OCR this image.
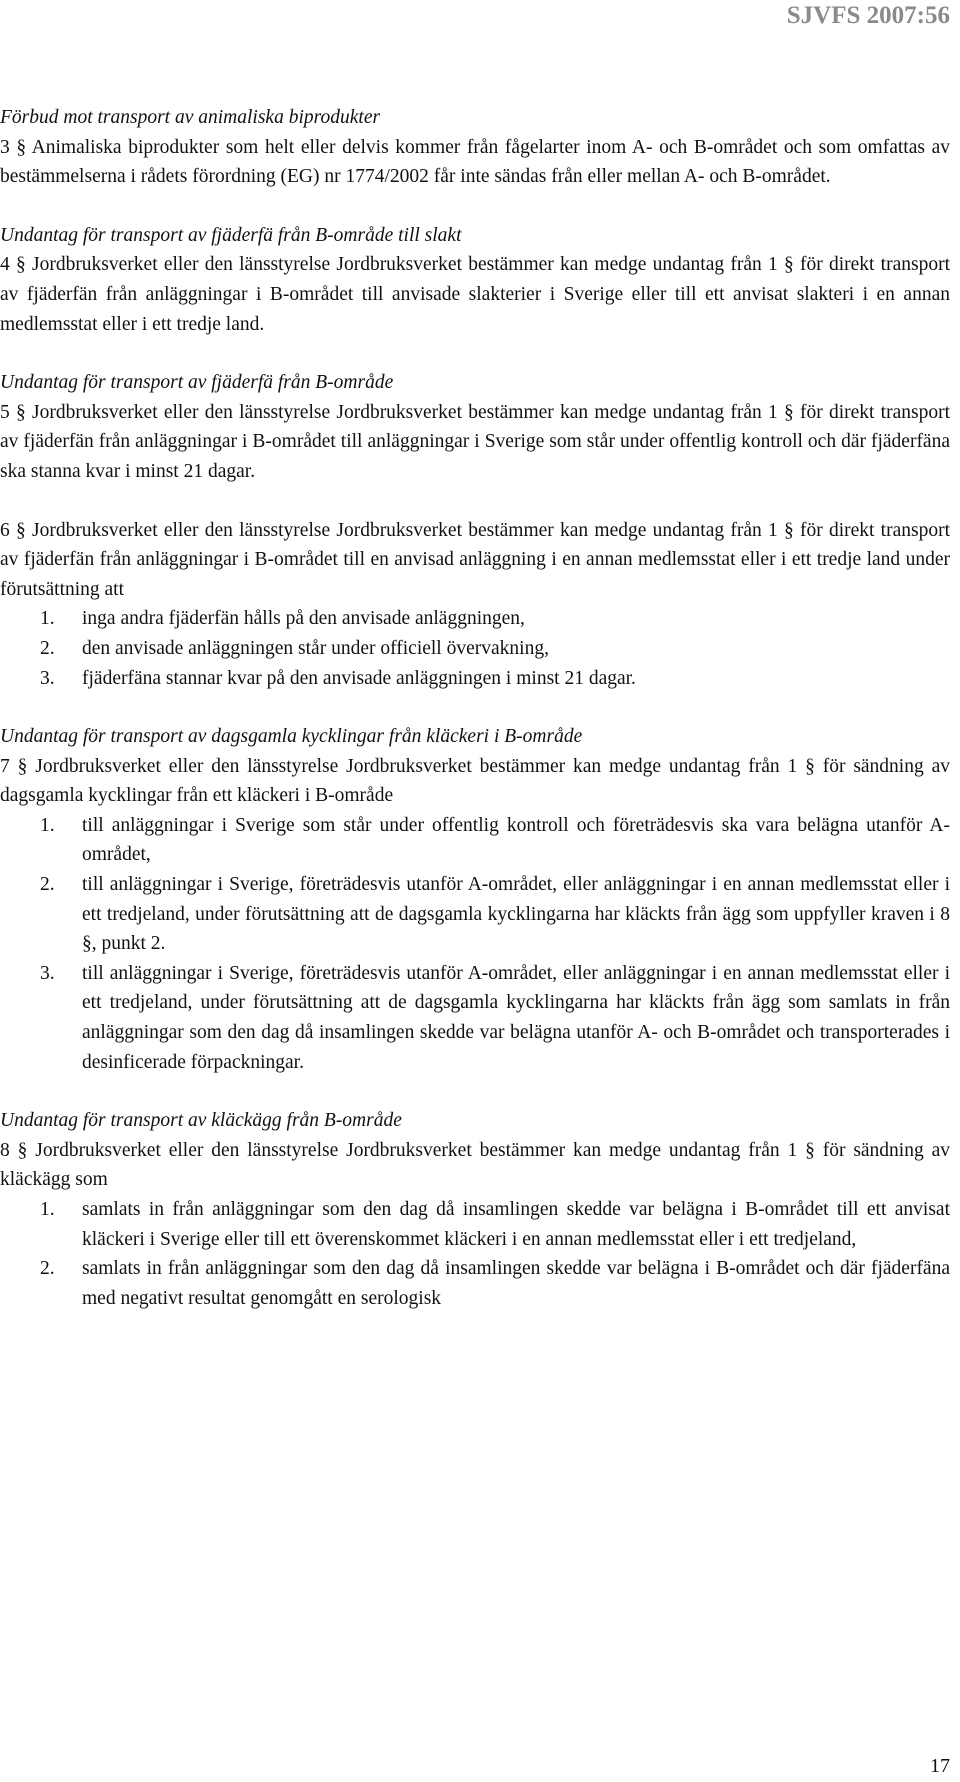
SJVFS 2007:56
Förbud mot transport av animaliska biprodukter
3 § Animaliska biprodukter som helt eller delvis kommer från fågelarter inom A- och B-området och som omfattas av bestämmelserna i rådets förordning (EG) nr 1774/2002 får inte sändas från eller mellan A- och B-området.
Undantag för transport av fjäderfä från B-område till slakt
4 § Jordbruksverket eller den länsstyrelse Jordbruksverket bestämmer kan medge undantag från 1 § för direkt transport av fjäderfän från anläggningar i B-området till anvisade slakterier i Sverige eller till ett anvisat slakteri i en annan medlemsstat eller i ett tredje land.
Undantag för transport av fjäderfä från B-område
5 § Jordbruksverket eller den länsstyrelse Jordbruksverket bestämmer kan medge undantag från 1 § för direkt transport av fjäderfän från anläggningar i B-området till anläggningar i Sverige som står under offentlig kontroll och där fjäderfäna ska stanna kvar i minst 21 dagar.
6 § Jordbruksverket eller den länsstyrelse Jordbruksverket bestämmer kan medge undantag från 1 § för direkt transport av fjäderfän från anläggningar i B-området till en anvisad anläggning i en annan medlemsstat eller i ett tredje land under förutsättning att
1. inga andra fjäderfän hålls på den anvisade anläggningen,
2. den anvisade anläggningen står under officiell övervakning,
3. fjäderfäna stannar kvar på den anvisade anläggningen i minst 21 dagar.
Undantag för transport av dagsgamla kycklingar från kläckeri i B-område
7 § Jordbruksverket eller den länsstyrelse Jordbruksverket bestämmer kan medge undantag från 1 § för sändning av dagsgamla kycklingar från ett kläckeri i B-område
1. till anläggningar i Sverige som står under offentlig kontroll och företrädesvis ska vara belägna utanför A-området,
2. till anläggningar i Sverige, företrädesvis utanför A-området, eller anläggningar i en annan medlemsstat eller i ett tredjeland, under förutsättning att de dagsgamla kycklingarna har kläckts från ägg som uppfyller kraven i 8 §, punkt 2.
3. till anläggningar i Sverige, företrädesvis utanför A-området, eller anläggningar i en annan medlemsstat eller i ett tredjeland, under förutsättning att de dagsgamla kycklingarna har kläckts från ägg som samlats in från anläggningar som den dag då insamlingen skedde var belägna utanför A- och B-området och transporterades i desinficerade förpackningar.
Undantag för transport av kläckägg från B-område
8 § Jordbruksverket eller den länsstyrelse Jordbruksverket bestämmer kan medge undantag från 1 § för sändning av kläckägg som
1. samlats in från anläggningar som den dag då insamlingen skedde var belägna i B-området till ett anvisat kläckeri i Sverige eller till ett överenskommet kläckeri i en annan medlemsstat eller i ett tredjeland,
2. samlats in från anläggningar som den dag då insamlingen skedde var belägna i B-området och där fjäderfäna med negativt resultat genomgått en serologisk
17
